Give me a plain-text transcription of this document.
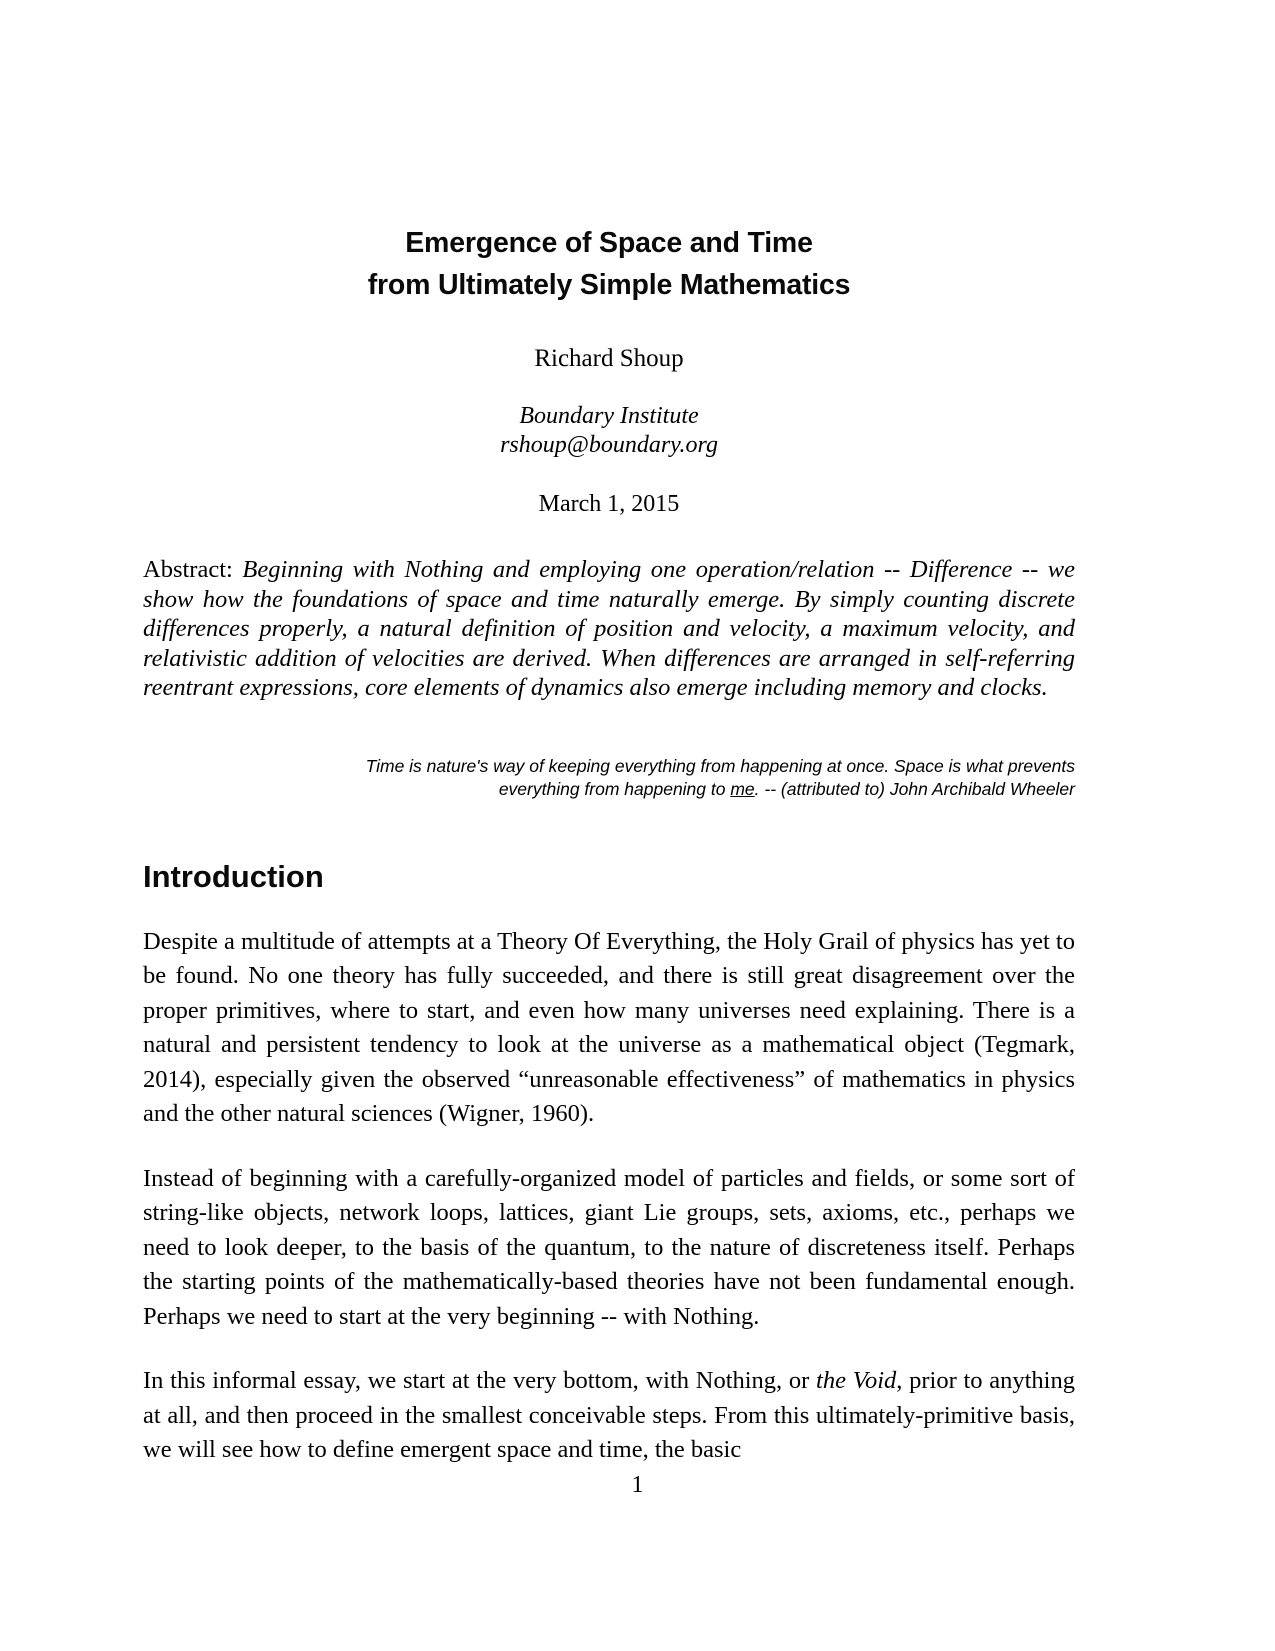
Emergence of Space and Time
from Ultimately Simple Mathematics
Richard Shoup
Boundary Institute
rshoup@boundary.org
March 1, 2015
Abstract: Beginning with Nothing and employing one operation/relation -- Difference -- we show how the foundations of space and time naturally emerge. By simply counting discrete differences properly, a natural definition of position and velocity, a maximum velocity, and relativistic addition of velocities are derived. When differences are arranged in self-referring reentrant expressions, core elements of dynamics also emerge including memory and clocks.
Time is nature's way of keeping everything from happening at once. Space is what prevents everything from happening to me. -- (attributed to) John Archibald Wheeler
Introduction
Despite a multitude of attempts at a Theory Of Everything, the Holy Grail of physics has yet to be found. No one theory has fully succeeded, and there is still great disagreement over the proper primitives, where to start, and even how many universes need explaining. There is a natural and persistent tendency to look at the universe as a mathematical object (Tegmark, 2014), especially given the observed “unreasonable effectiveness” of mathematics in physics and the other natural sciences (Wigner, 1960).
Instead of beginning with a carefully-organized model of particles and fields, or some sort of string-like objects, network loops, lattices, giant Lie groups, sets, axioms, etc., perhaps we need to look deeper, to the basis of the quantum, to the nature of discreteness itself. Perhaps the starting points of the mathematically-based theories have not been fundamental enough. Perhaps we need to start at the very beginning -- with Nothing.
In this informal essay, we start at the very bottom, with Nothing, or the Void, prior to anything at all, and then proceed in the smallest conceivable steps. From this ultimately-primitive basis, we will see how to define emergent space and time, the basic
1
